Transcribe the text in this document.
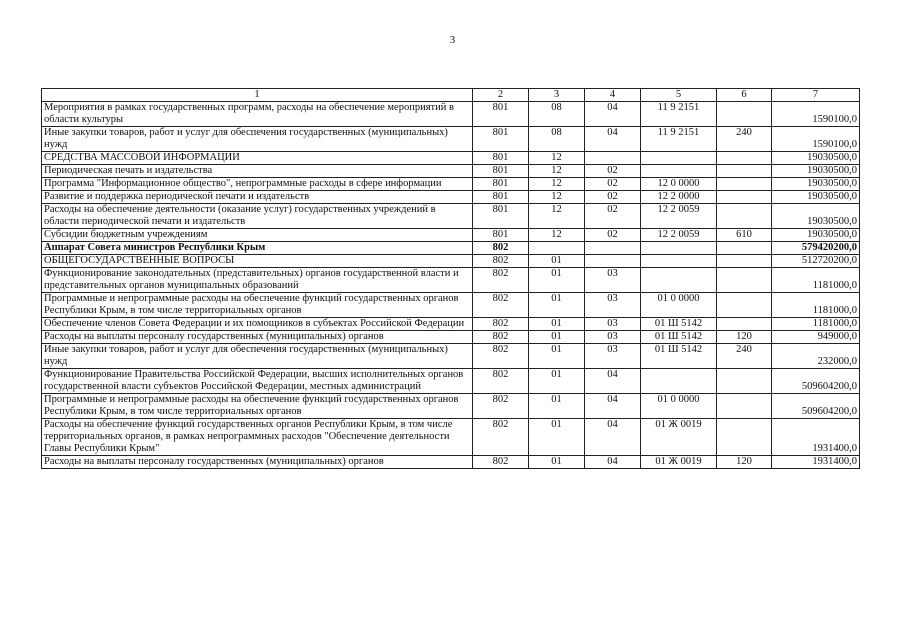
3
1	2	3	4	5	6	7
Мероприятия в рамках государственных программ, расходы на обеспечение мероприятий в области культуры	801	08	04	11 9 2151		1590100,0
Иные закупки товаров, работ и услуг для обеспечения государственных (муниципальных) нужд	801	08	04	11 9 2151	240	1590100,0
СРЕДСТВА МАССОВОЙ ИНФОРМАЦИИ	801	12				19030500,0
Периодическая печать и издательства	801	12	02			19030500,0
Программа "Информационное общество", непрограммные расходы в сфере информации	801	12	02	12 0 0000		19030500,0
Развитие и поддержка периодической печати и издательств	801	12	02	12 2 0000		19030500,0
Расходы на обеспечение деятельности (оказание услуг) государственных учреждений в области периодической печати и издательств	801	12	02	12 2 0059		19030500,0
Субсидии бюджетным учреждениям	801	12	02	12 2 0059	610	19030500,0
Аппарат Совета министров Республики Крым	802					579420200,0
ОБЩЕГОСУДАРСТВЕННЫЕ ВОПРОСЫ	802	01				512720200,0
Функционирование законодательных (представительных) органов государственной власти и представительных органов муниципальных образований	802	01	03			1181000,0
Программные и непрограммные расходы на обеспечение функций государственных органов Республики Крым, в том числе территориальных органов	802	01	03	01 0 0000		1181000,0
Обеспечение членов Совета Федерации и их помощников в субъектах Российской Федерации	802	01	03	01 Ш 5142		1181000,0
Расходы на выплаты персоналу государственных (муниципальных) органов	802	01	03	01 Ш 5142	120	949000,0
Иные закупки товаров, работ и услуг для обеспечения государственных (муниципальных) нужд	802	01	03	01 Ш 5142	240	232000,0
Функционирование Правительства Российской Федерации, высших исполнительных органов государственной власти субъектов Российской Федерации, местных администраций	802	01	04			509604200,0
Программные и непрограммные расходы на обеспечение функций государственных органов Республики Крым, в том числе территориальных органов	802	01	04	01 0 0000		509604200,0
Расходы на обеспечение функций государственных органов Республики Крым, в том числе территориальных органов, в рамках непрограммных расходов "Обеспечение деятельности Главы Республики Крым"	802	01	04	01 Ж 0019		1931400,0
Расходы на выплаты персоналу государственных (муниципальных) органов	802	01	04	01 Ж 0019	120	1931400,0
